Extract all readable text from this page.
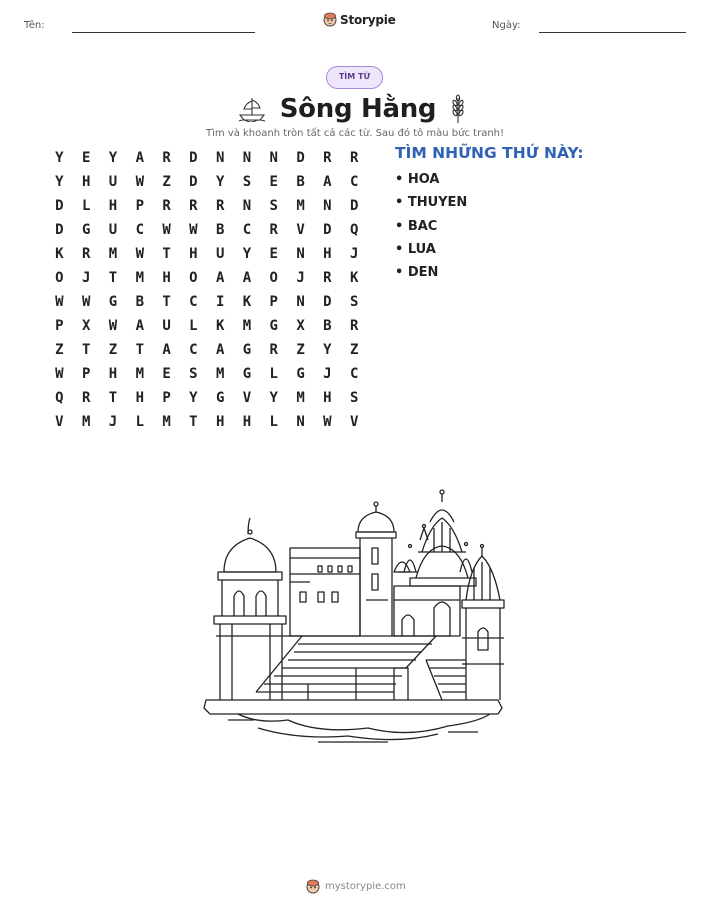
Tên:	Storypie	Ngày:
TÌM TỪ
Sông Hằng
Tìm và khoanh tròn tất cả các từ. Sau đó tô màu bức tranh!
Y	E	Y	A	R	D	N	N	N	D	R	R
Y	H	U	W	Z	D	Y	S	E	B	A	C
D	L	H	P	R	R	R	N	S	M	N	D
D	G	U	C	W	W	B	C	R	V	D	Q
K	R	M	W	T	H	U	Y	E	N	H	J
O	J	T	M	H	O	A	A	O	J	R	K
W	W	G	B	T	C	I	K	P	N	D	S
P	X	W	A	U	L	K	M	G	X	B	R
Z	T	Z	T	A	C	A	G	R	Z	Y	Z
W	P	H	M	E	S	M	G	L	G	J	C
Q	R	T	H	P	Y	G	V	Y	M	H	S
V	M	J	L	M	T	H	H	L	N	W	V
TÌM NHỮNG THỨ NÀY:
• HOA
• THUYEN
• BAC
• LUA
• DEN
mystorypie.com
